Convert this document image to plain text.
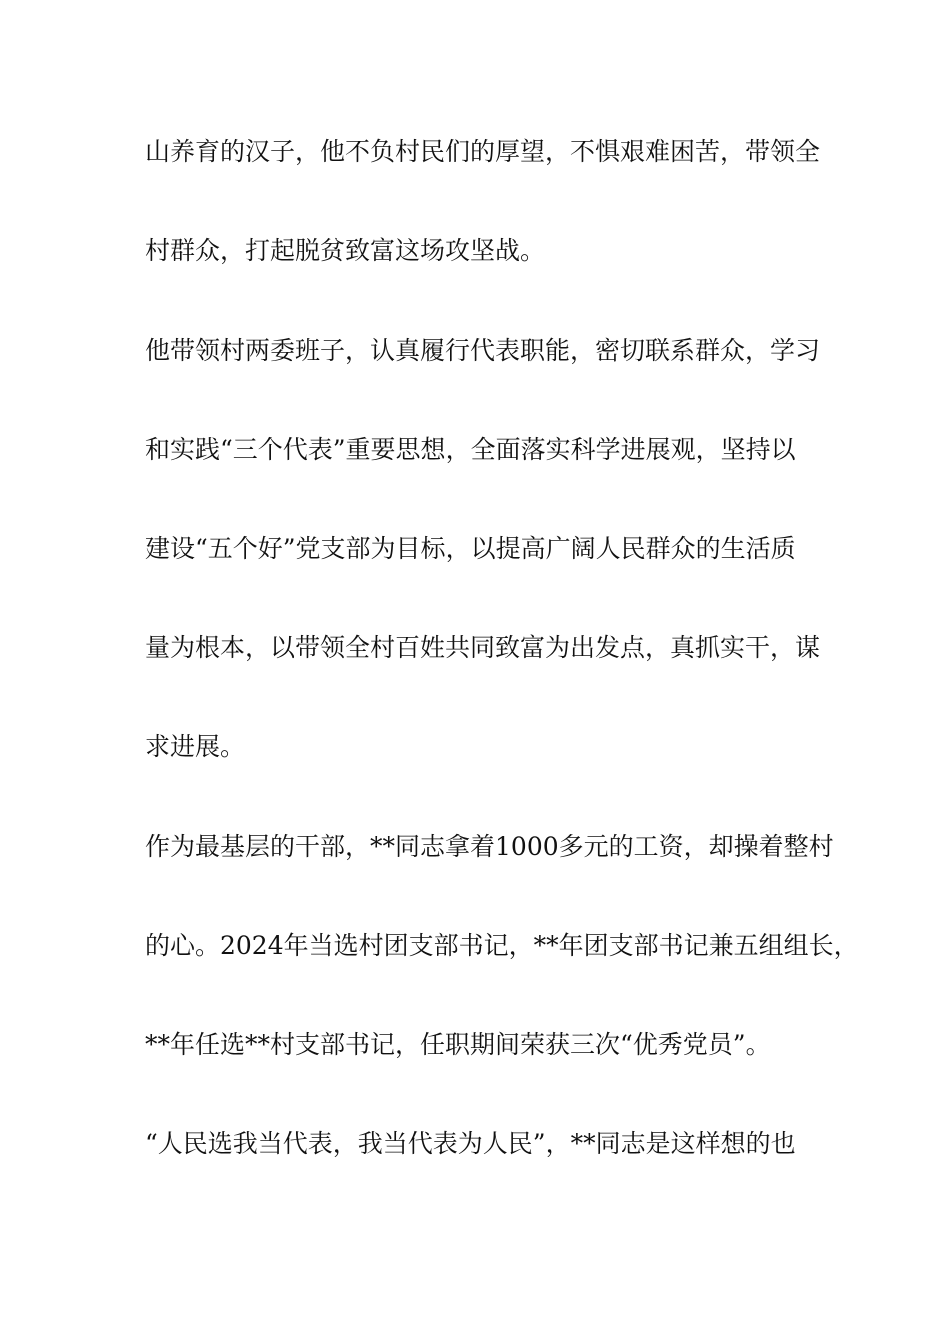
山养育的汉子，他不负村民们的厚望，不惧艰难困苦，带领全
村群众，打起脱贫致富这场攻坚战。
他带领村两委班子，认真履行代表职能，密切联系群众，学习
和实践“三个代表”重要思想，全面落实科学进展观，坚持以
建设“五个好”党支部为目标，以提高广阔人民群众的生活质
量为根本，以带领全村百姓共同致富为出发点，真抓实干，谋
求进展。
作为最基层的干部，**同志拿着1000多元的工资，却操着整村
的心。2024年当选村团支部书记，**年团支部书记兼五组组长，
**年任选**村支部书记，任职期间荣获三次“优秀党员”。
“人民选我当代表，我当代表为人民”，**同志是这样想的也
